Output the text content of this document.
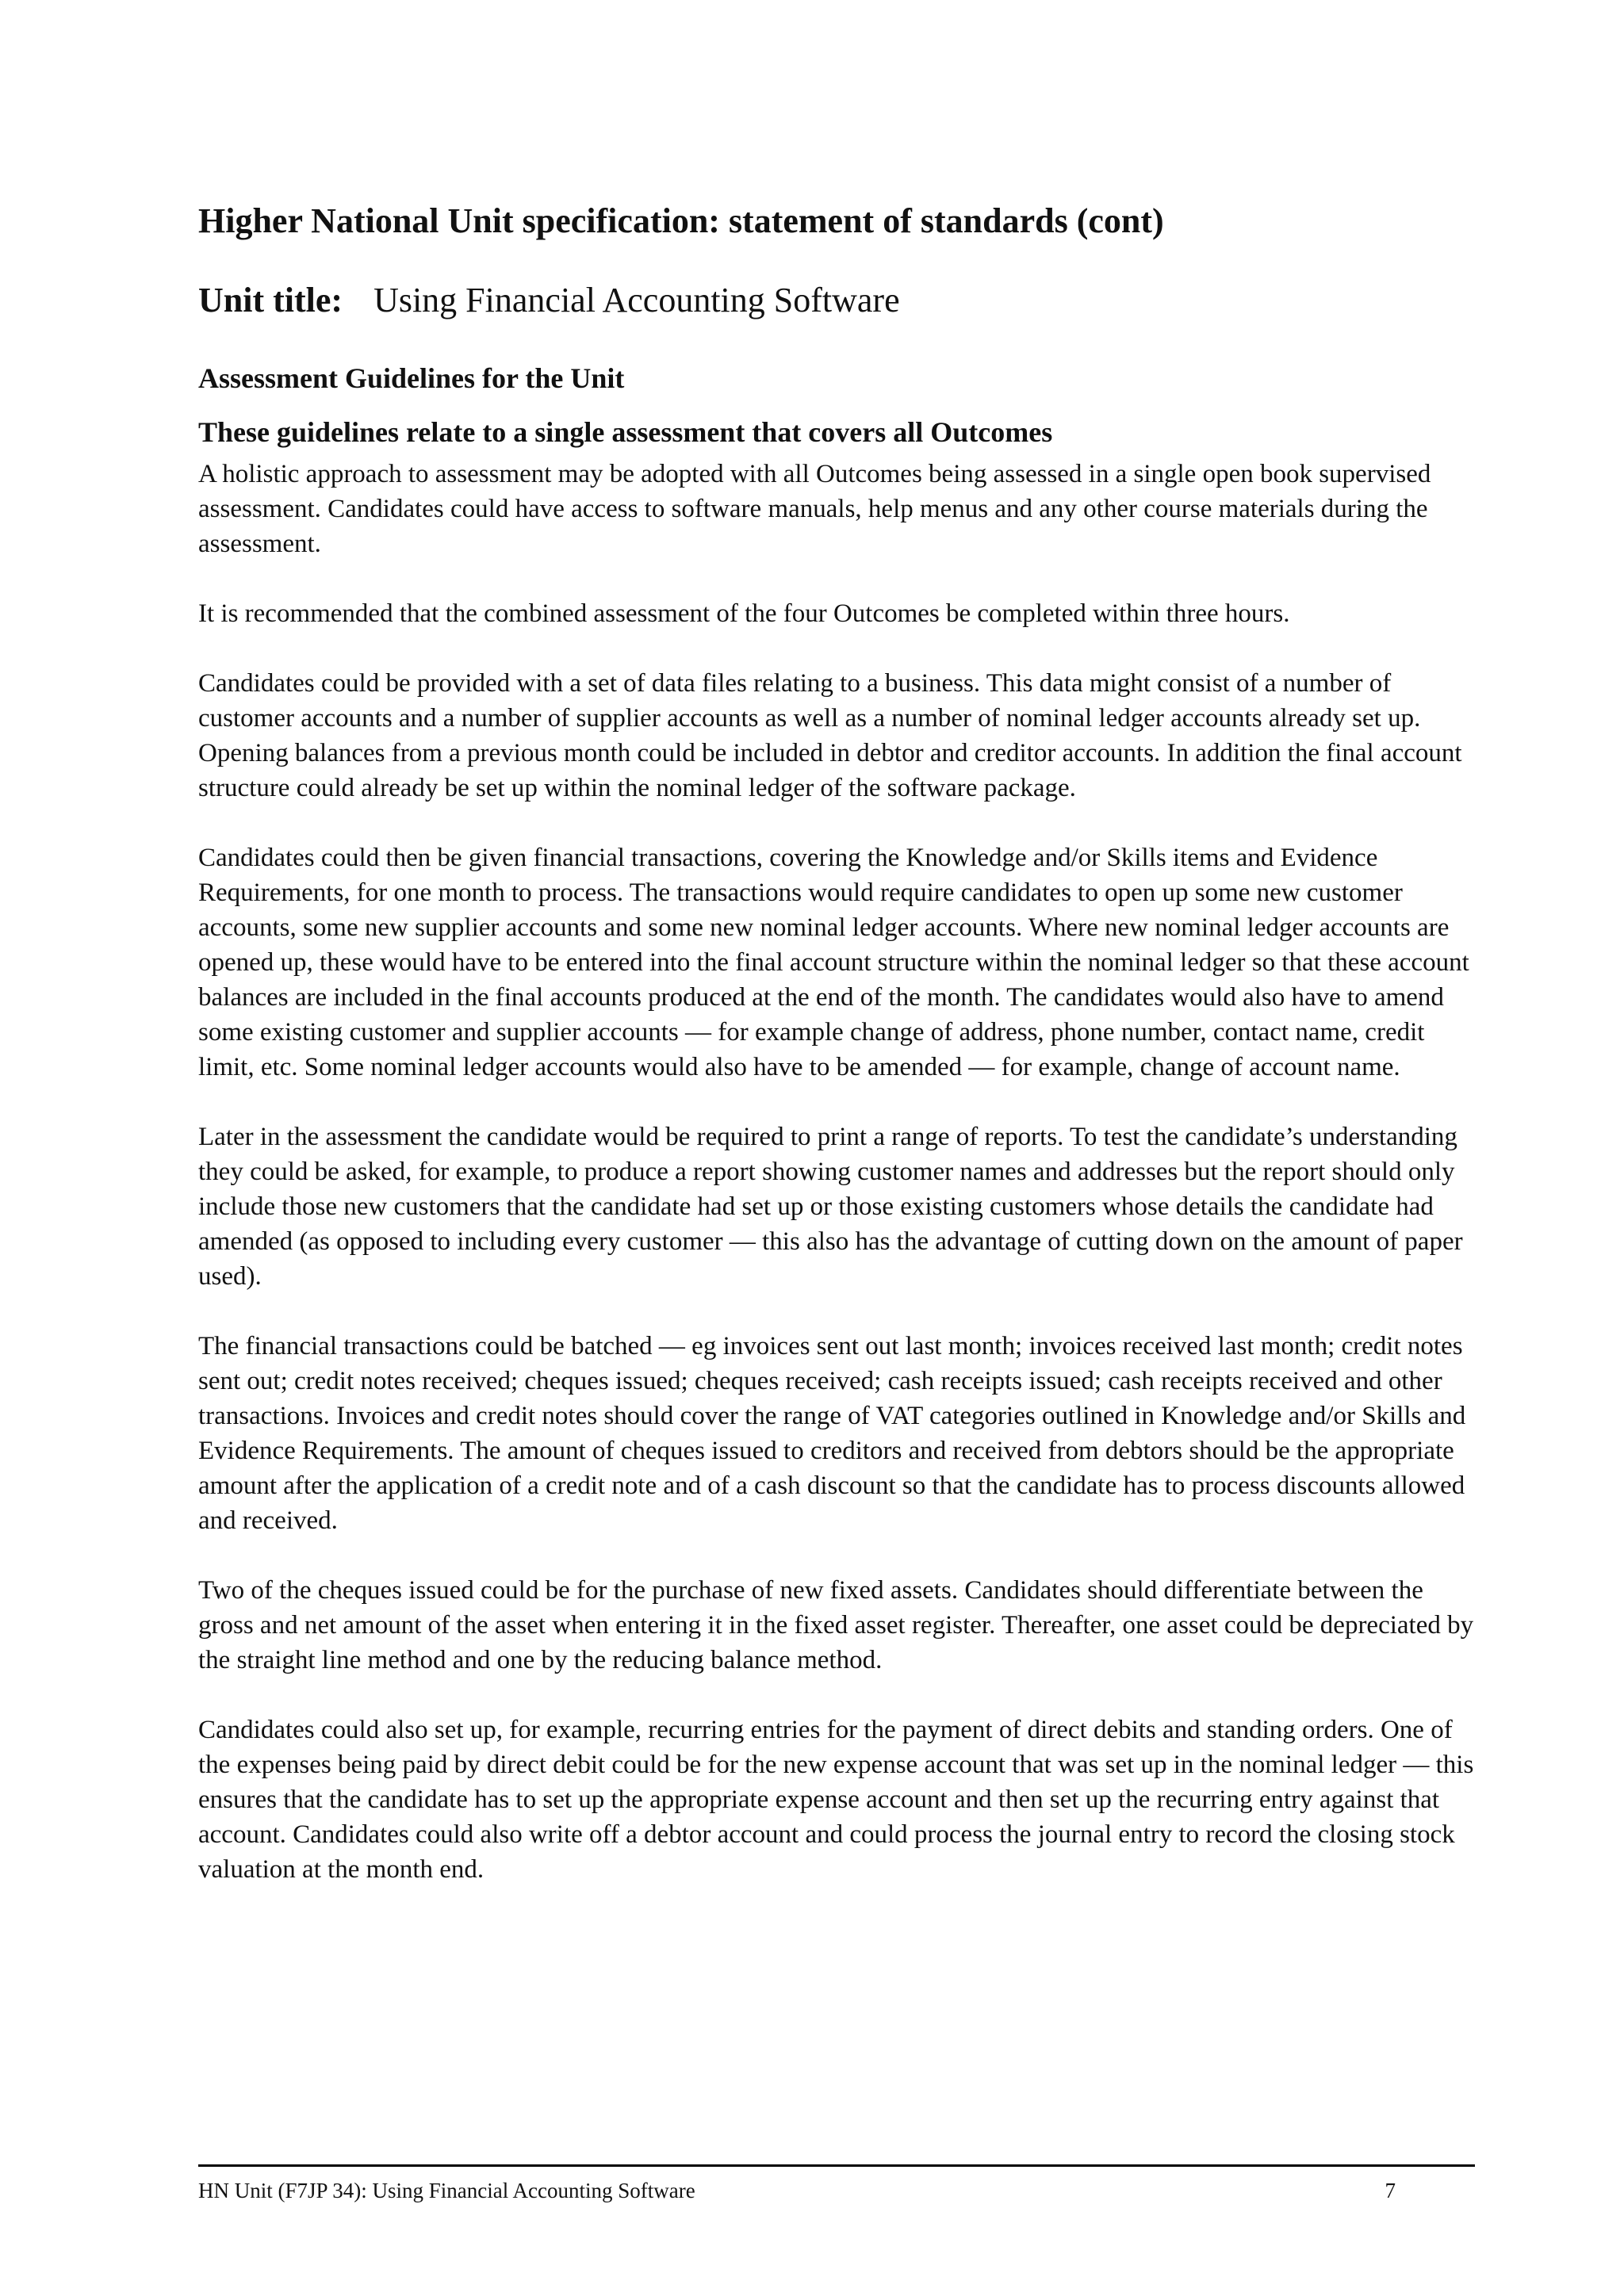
Higher National Unit specification: statement of standards (cont)
Unit title: Using Financial Accounting Software
Assessment Guidelines for the Unit
These guidelines relate to a single assessment that covers all Outcomes

A holistic approach to assessment may be adopted with all Outcomes being assessed in a single open book supervised assessment. Candidates could have access to software manuals, help menus and any other course materials during the assessment.

It is recommended that the combined assessment of the four Outcomes be completed within three hours.

Candidates could be provided with a set of data files relating to a business. This data might consist of a number of customer accounts and a number of supplier accounts as well as a number of nominal ledger accounts already set up. Opening balances from a previous month could be included in debtor and creditor accounts. In addition the final account structure could already be set up within the nominal ledger of the software package.

Candidates could then be given financial transactions, covering the Knowledge and/or Skills items and Evidence Requirements, for one month to process. The transactions would require candidates to open up some new customer accounts, some new supplier accounts and some new nominal ledger accounts. Where new nominal ledger accounts are opened up, these would have to be entered into the final account structure within the nominal ledger so that these account balances are included in the final accounts produced at the end of the month. The candidates would also have to amend some existing customer and supplier accounts — for example change of address, phone number, contact name, credit limit, etc. Some nominal ledger accounts would also have to be amended — for example, change of account name.

Later in the assessment the candidate would be required to print a range of reports. To test the candidate’s understanding they could be asked, for example, to produce a report showing customer names and addresses but the report should only include those new customers that the candidate had set up or those existing customers whose details the candidate had amended (as opposed to including every customer — this also has the advantage of cutting down on the amount of paper used).

The financial transactions could be batched — eg invoices sent out last month; invoices received last month; credit notes sent out; credit notes received; cheques issued; cheques received; cash receipts issued; cash receipts received and other transactions. Invoices and credit notes should cover the range of VAT categories outlined in Knowledge and/or Skills and Evidence Requirements. The amount of cheques issued to creditors and received from debtors should be the appropriate amount after the application of a credit note and of a cash discount so that the candidate has to process discounts allowed and received.

Two of the cheques issued could be for the purchase of new fixed assets. Candidates should differentiate between the gross and net amount of the asset when entering it in the fixed asset register. Thereafter, one asset could be depreciated by the straight line method and one by the reducing balance method.

Candidates could also set up, for example, recurring entries for the payment of direct debits and standing orders. One of the expenses being paid by direct debit could be for the new expense account that was set up in the nominal ledger — this ensures that the candidate has to set up the appropriate expense account and then set up the recurring entry against that account. Candidates could also write off a debtor account and could process the journal entry to record the closing stock valuation at the month end.

HN Unit (F7JP 34): Using Financial Accounting Software	7
